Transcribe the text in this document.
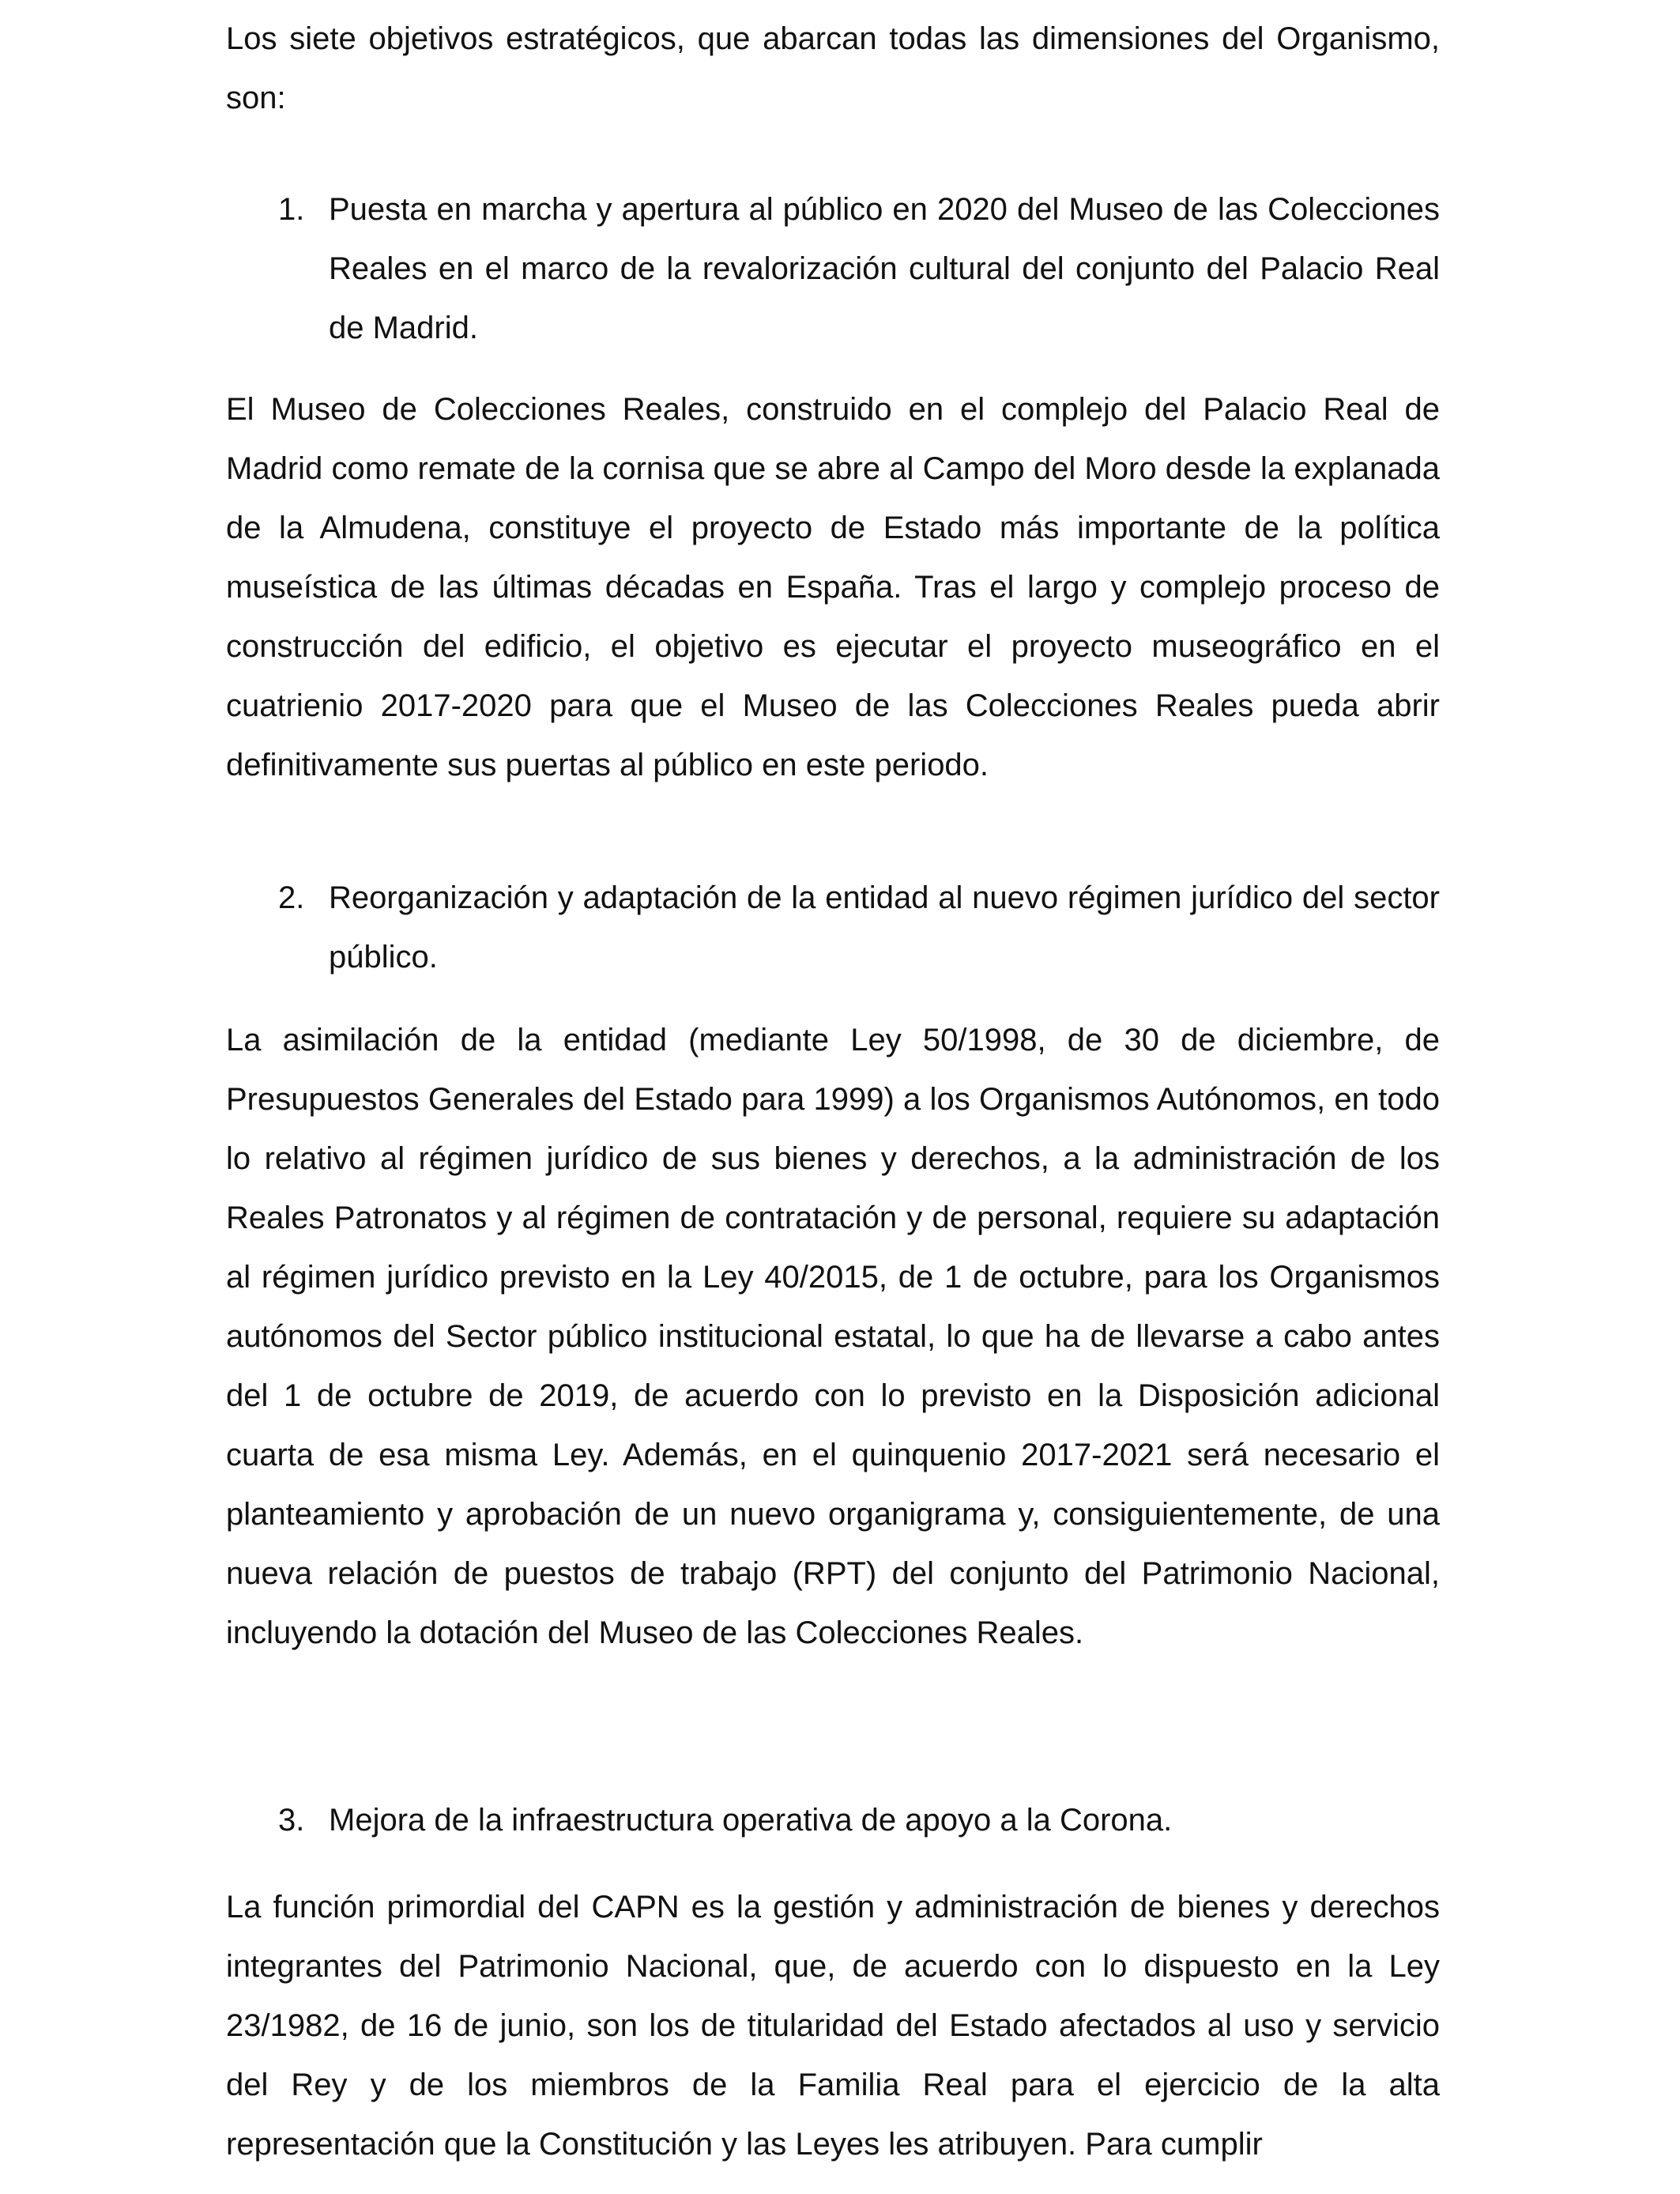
Los siete objetivos estratégicos, que abarcan todas las dimensiones del Organismo, son:

1. Puesta en marcha y apertura al público en 2020 del Museo de las Colecciones Reales en el marco de la revalorización cultural del conjunto del Palacio Real de Madrid.

El Museo de Colecciones Reales, construido en el complejo del Palacio Real de Madrid como remate de la cornisa que se abre al Campo del Moro desde la explanada de la Almudena, constituye el proyecto de Estado más importante de la política museística de las últimas décadas en España. Tras el largo y complejo proceso de construcción del edificio, el objetivo es ejecutar el proyecto museográfico en el cuatrienio 2017-2020 para que el Museo de las Colecciones Reales pueda abrir definitivamente sus puertas al público en este periodo.

2. Reorganización y adaptación de la entidad al nuevo régimen jurídico del sector público.

La asimilación de la entidad (mediante Ley 50/1998, de 30 de diciembre, de Presupuestos Generales del Estado para 1999) a los Organismos Autónomos, en todo lo relativo al régimen jurídico de sus bienes y derechos, a la administración de los Reales Patronatos y al régimen de contratación y de personal, requiere su adaptación al régimen jurídico previsto en la Ley 40/2015, de 1 de octubre, para los Organismos autónomos del Sector público institucional estatal, lo que ha de llevarse a cabo antes del 1 de octubre de 2019, de acuerdo con lo previsto en la Disposición adicional cuarta de esa misma Ley. Además, en el quinquenio 2017-2021 será necesario el planteamiento y aprobación de un nuevo organigrama y, consiguientemente, de una nueva relación de puestos de trabajo (RPT) del conjunto del Patrimonio Nacional, incluyendo la dotación del Museo de las Colecciones Reales.

3. Mejora de la infraestructura operativa de apoyo a la Corona.

La función primordial del CAPN es la gestión y administración de bienes y derechos integrantes del Patrimonio Nacional, que, de acuerdo con lo dispuesto en la Ley 23/1982, de 16 de junio, son los de titularidad del Estado afectados al uso y servicio del Rey y de los miembros de la Familia Real para el ejercicio de la alta representación que la Constitución y las Leyes les atribuyen. Para cumplir
